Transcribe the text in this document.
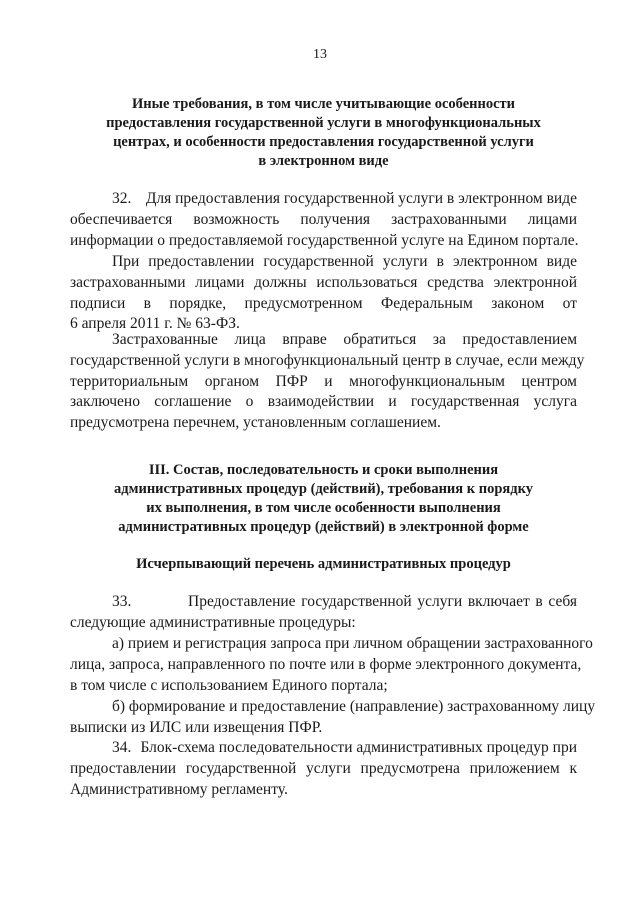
13
Иные требования, в том числе учитывающие особенности
предоставления государственной услуги в многофункциональных
центрах, и особенности предоставления государственной услуги
в электронном виде
32. Для предоставления государственной услуги в электронном виде
обеспечивается возможность получения застрахованными лицами
информации о предоставляемой государственной услуге на Едином портале.
При предоставлении государственной услуги в электронном виде
застрахованными лицами должны использоваться средства электронной
подписи в порядке, предусмотренном Федеральным законом от
6 апреля 2011 г. № 63-ФЗ.
Застрахованные лица вправе обратиться за предоставлением
государственной услуги в многофункциональный центр в случае, если между
территориальным органом ПФР и многофункциональным центром
заключено соглашение о взаимодействии и государственная услуга
предусмотрена перечнем, установленным соглашением.
III. Состав, последовательность и сроки выполнения
административных процедур (действий), требования к порядку
их выполнения, в том числе особенности выполнения
административных процедур (действий) в электронной форме
Исчерпывающий перечень административных процедур
33.	Предоставление государственной услуги включает в себя
следующие административные процедуры:
а) прием и регистрация запроса при личном обращении застрахованного
лица, запроса, направленного по почте или в форме электронного документа,
в том числе с использованием Единого портала;
б) формирование и предоставление (направление) застрахованному лицу
выписки из ИЛС или извещения ПФР.
34. Блок-схема последовательности административных процедур при
предоставлении государственной услуги предусмотрена приложением к
Административному регламенту.
